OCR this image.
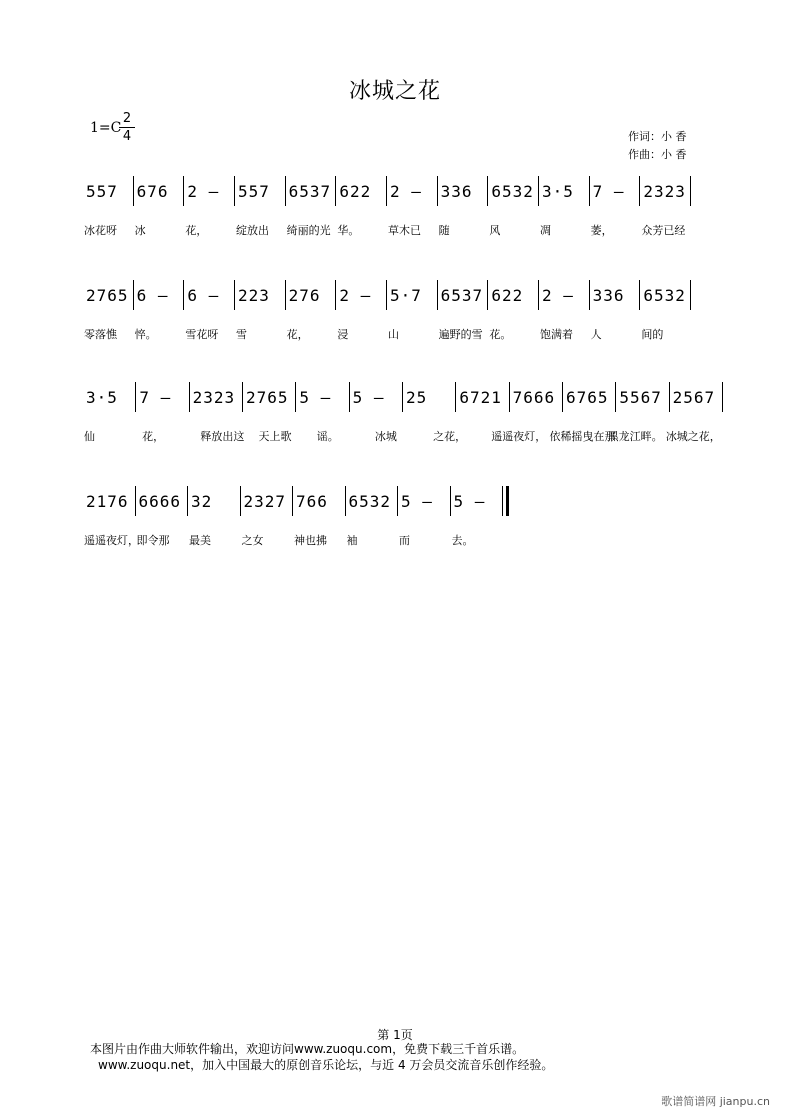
冰城之花
1=C
2
4	作词：小 香
作曲：小 香
557	676	2 –	557	6537 622	2 –	336	6532 3·5	7 –	2323
冰花呀 冰	花，	绽放出 绮丽的光 华。	草木已 随	风	凋	萎，	众芳已经
2765 6 –	6 –	223	276	2 –	5·7	6537 622	2 –	336	6532
零落憔 悴。	雪花呀 雪	花，	浸	山	遍野的雪 花。	饱满着 人	间的
3·5	7 –	2323 2765 5 –	5 –	25	6721 7666 6765 5567 2567
仙	花，	释放出这 天上歌 谣。	冰城	之花， 遥遥夜灯， 依稀摇曳在那
黑龙江畔。 冰城之花，
2176 6666 32	2327 766	6532 5 –	5 –
遥遥夜灯，
即令那 最美	之女	神也拂 袖	而	去。
第 1页
本图片由作曲大师软件输出，欢迎访问www.zuoqu.com，免费下载三千首乐谱。
www.zuoqu.net，加入中国最大的原创音乐论坛，与近 4 万会员交流音乐创作经验。
歌谱简谱网 jianpu.cn
